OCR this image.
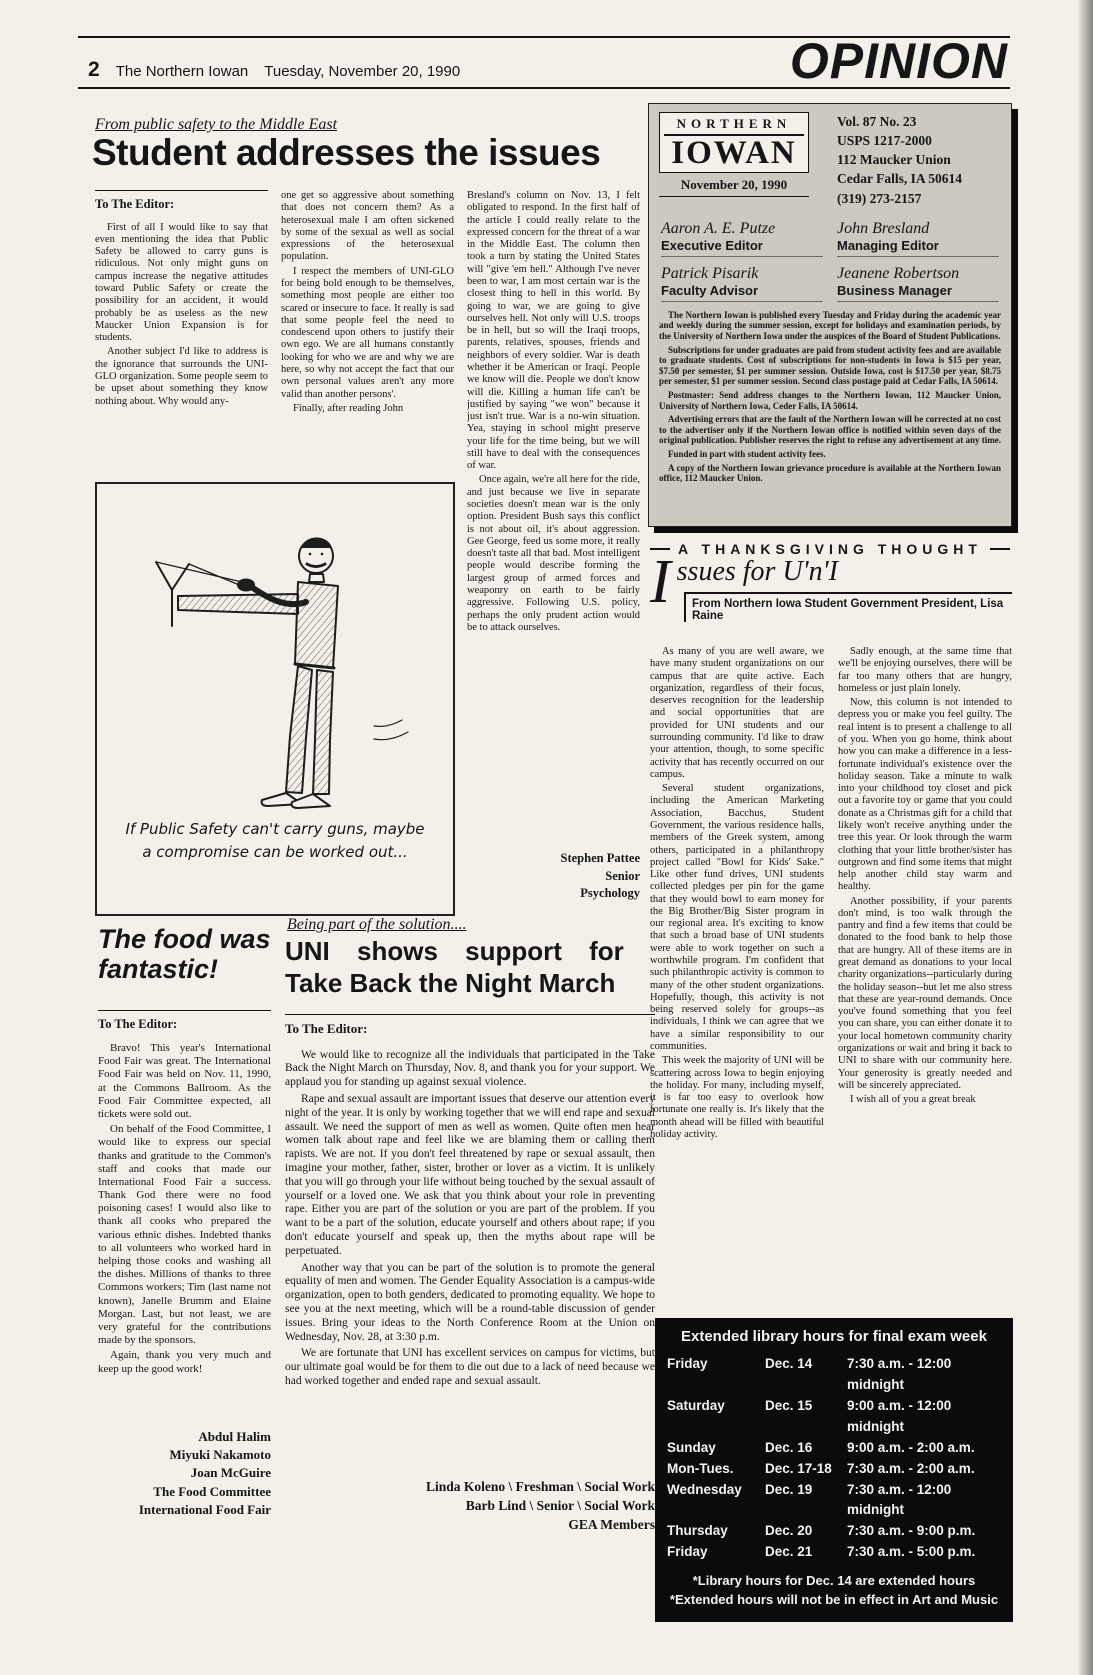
2 The Northern Iowan Tuesday, November 20, 1990	OPINION
From public safety to the Middle East
Student addresses the issues
To The Editor:

First of all I would like to say that even mentioning the idea that Public Safety be allowed to carry guns is ridiculous. Not only might guns on campus increase the negative attitudes toward Public Safety or create the possibility for an accident, it would probably be as useless as the new Maucker Union Expansion is for students.

Another subject I'd like to address is the ignorance that surrounds the UNI-GLO organization. Some people seem to be upset about something they know nothing about. Why would any-

one get so aggressive about something that does not concern them? As a heterosexual male I am often sickened by some of the sexual as well as social expressions of the heterosexual population.

I respect the members of UNI-GLO for being bold enough to be themselves, something most people are either too scared or insecure to face. It really is sad that some people feel the need to condescend upon others to justify their own ego. We are all humans constantly looking for who we are and why we are here, so why not accept the fact that our own personal values aren't any more valid than another persons'.

Finally, after reading John

Bresland's column on Nov. 13, I felt obligated to respond. In the first half of the article I could really relate to the expressed concern for the threat of a war in the Middle East. The column then took a turn by stating the United States will "give 'em hell." Although I've never been to war, I am most certain war is the closest thing to hell in this world. By going to war, we are going to give ourselves hell. Not only will U.S. troops be in hell, but so will the Iraqi troops, parents, relatives, spouses, friends and neighbors of every soldier. War is death whether it be American or Iraqi. People we know will die. People we don't know will die. Killing a human life can't be justified by saying "we won" because it just isn't true. War is a no-win situation. Yea, staying in school might preserve your life for the time being, but we will still have to deal with the consequences of war.

Once again, we're all here for the ride, and just because we live in separate societies doesn't mean war is the only option. President Bush says this conflict is not about oil, it's about aggression. Gee George, feed us some more, it really doesn't taste all that bad. Most intelligent people would describe forming the largest group of armed forces and weaponry on earth to be fairly aggressive. Following U.S. policy, perhaps the only prudent action would be to attack ourselves.

Stephen Pattee
Senior
Psychology
If Public Safety can't carry guns, maybe
a compromise can be worked out...
NORTHERN
IOWAN
November 20, 1990
Vol. 87 No. 23
USPS 1217-2000
112 Maucker Union
Cedar Falls, IA 50614
(319) 273-2157
Aaron A. E. Putze
Executive Editor
John Bresland
Managing Editor
Patrick Pisarik
Faculty Advisor
Jeanene Robertson
Business Manager

The Northern Iowan is published every Tuesday and Friday during the academic year and weekly during the summer session, except for holidays and examination periods, by the University of Northern Iowa under the auspices of the Board of Student Publications.

Subscriptions for under graduates are paid from student activity fees and are available to graduate students. Cost of subscriptions for non-students in Iowa is $15 per year, $7.50 per semester, $1 per summer session. Outside Iowa, cost is $17.50 per year, $8.75 per semester, $1 per summer session. Second class postage paid at Cedar Falls, IA 50614.

Postmaster: Send address changes to the Northern Iowan, 112 Maucker Union, University of Northern Iowa, Ceder Falls, IA 50614.

Advertising errors that are the fault of the Northern Iowan will be corrected at no cost to the advertiser only if the Northern Iowan office is notified within seven days of the original publication. Publisher reserves the right to refuse any advertisement at any time.

Funded in part with student activity fees.

A copy of the Northern Iowan grievance procedure is available at the Northern Iowan office, 112 Maucker Union.

A THANKSGIVING THOUGHT
Issues for U'n'I
From Northern Iowa Student Government President, Lisa Raine

As many of you are well aware, we have many student organizations on our campus that are quite active. Each organization, regardless of their focus, deserves recognition for the leadership and social opportunities that are provided for UNI students and our surrounding community. I'd like to draw your attention, though, to some specific activity that has recently occurred on our campus.

Several student organizations, including the American Marketing Association, Bacchus, Student Government, the various residence halls, members of the Greek system, among others, participated in a philanthropy project called "Bowl for Kids' Sake." Like other fund drives, UNI students collected pledges per pin for the game that they would bowl to earn money for the Big Brother/Big Sister program in our regional area. It's exciting to know that such a broad base of UNI students were able to work together on such a worthwhile program. I'm confident that such philanthropic activity is common to many of the other student organizations. Hopefully, though, this activity is not being reserved solely for groups--as individuals, I think we can agree that we have a similar responsibility to our communities.

This week the majority of UNI will be scattering across Iowa to begin enjoying the holiday. For many, including myself, it is far too easy to overlook how fortunate one really is. It's likely that the month ahead will be filled with beautiful holiday activity.

Sadly enough, at the same time that we'll be enjoying ourselves, there will be far too many others that are hungry, homeless or just plain lonely.

Now, this column is not intended to depress you or make you feel guilty. The real intent is to present a challenge to all of you. When you go home, think about how you can make a difference in a less-fortunate individual's existence over the holiday season. Take a minute to walk into your childhood toy closet and pick out a favorite toy or game that you could donate as a Christmas gift for a child that likely won't receive anything under the tree this year. Or look through the warm clothing that your little brother/sister has outgrown and find some items that might help another child stay warm and healthy.

Another possibility, if your parents don't mind, is too walk through the pantry and find a few items that could be donated to the food bank to help those that are hungry. All of these items are in great demand as donations to your local charity organizations--particularly during the holiday season--but let me also stress that these are year-round demands. Once you've found something that you feel you can share, you can either donate it to your local hometown community charity organizations or wait and bring it back to UNI to share with our community here. Your generosity is greatly needed and will be sincerely appreciated.

I wish all of you a great break

The food was
fantastic!
To The Editor:

Bravo! This year's International Food Fair was great. The International Food Fair was held on Nov. 11, 1990, at the Commons Ballroom. As the Food Fair Committee expected, all tickets were sold out.

On behalf of the Food Committee, I would like to express our special thanks and gratitude to the Common's staff and cooks that made our International Food Fair a success. Thank God there were no food poisoning cases! I would also like to thank all cooks who prepared the various ethnic dishes. Indebted thanks to all volunteers who worked hard in helping those cooks and washing all the dishes. Millions of thanks to three Commons workers; Tim (last name not known), Janelle Brumm and Elaine Morgan. Last, but not least, we are very grateful for the contributions made by the sponsors.

Again, thank you very much and keep up the good work!

Abdul Halim
Miyuki Nakamoto
Joan McGuire
The Food Committee
International Food Fair
Being part of the solution....
UNI shows support for
Take Back the Night March
To The Editor:

We would like to recognize all the individuals that participated in the Take Back the Night March on Thursday, Nov. 8, and thank you for your support. We applaud you for standing up against sexual violence.

Rape and sexual assault are important issues that deserve our attention every night of the year. It is only by working together that we will end rape and sexual assault. We need the support of men as well as women. Quite often men hear women talk about rape and feel like we are blaming them or calling them rapists. We are not. If you don't feel threatened by rape or sexual assault, then imagine your mother, father, sister, brother or lover as a victim. It is unlikely that you will go through your life without being touched by the sexual assault of yourself or a loved one. We ask that you think about your role in preventing rape. Either you are part of the solution or you are part of the problem. If you want to be a part of the solution, educate yourself and others about rape; if you don't educate yourself and speak up, then the myths about rape will be perpetuated.

Another way that you can be part of the solution is to promote the general equality of men and women. The Gender Equality Association is a campus-wide organization, open to both genders, dedicated to promoting equality. We hope to see you at the next meeting, which will be a round-table discussion of gender issues. Bring your ideas to the North Conference Room at the Union on Wednesday, Nov. 28, at 3:30 p.m.

We are fortunate that UNI has excellent services on campus for victims, but our ultimate goal would be for them to die out due to a lack of need because we had worked together and ended rape and sexual assault.

Linda Koleno \ Freshman \ Social Work
Barb Lind \ Senior \ Social Work
GEA Members
Extended library hours for final exam week
Friday	Dec. 14	7:30 a.m. - 12:00 midnight
Saturday	Dec. 15	9:00 a.m. - 12:00 midnight
Sunday	Dec. 16	9:00 a.m. - 2:00 a.m.
Mon-Tues.	Dec. 17-18	7:30 a.m. - 2:00 a.m.
Wednesday	Dec. 19	7:30 a.m. - 12:00 midnight
Thursday	Dec. 20	7:30 a.m. - 9:00 p.m.
Friday	Dec. 21	7:30 a.m. - 5:00 p.m.
*Library hours for Dec. 14 are extended hours
*Extended hours will not be in effect in Art and Music
